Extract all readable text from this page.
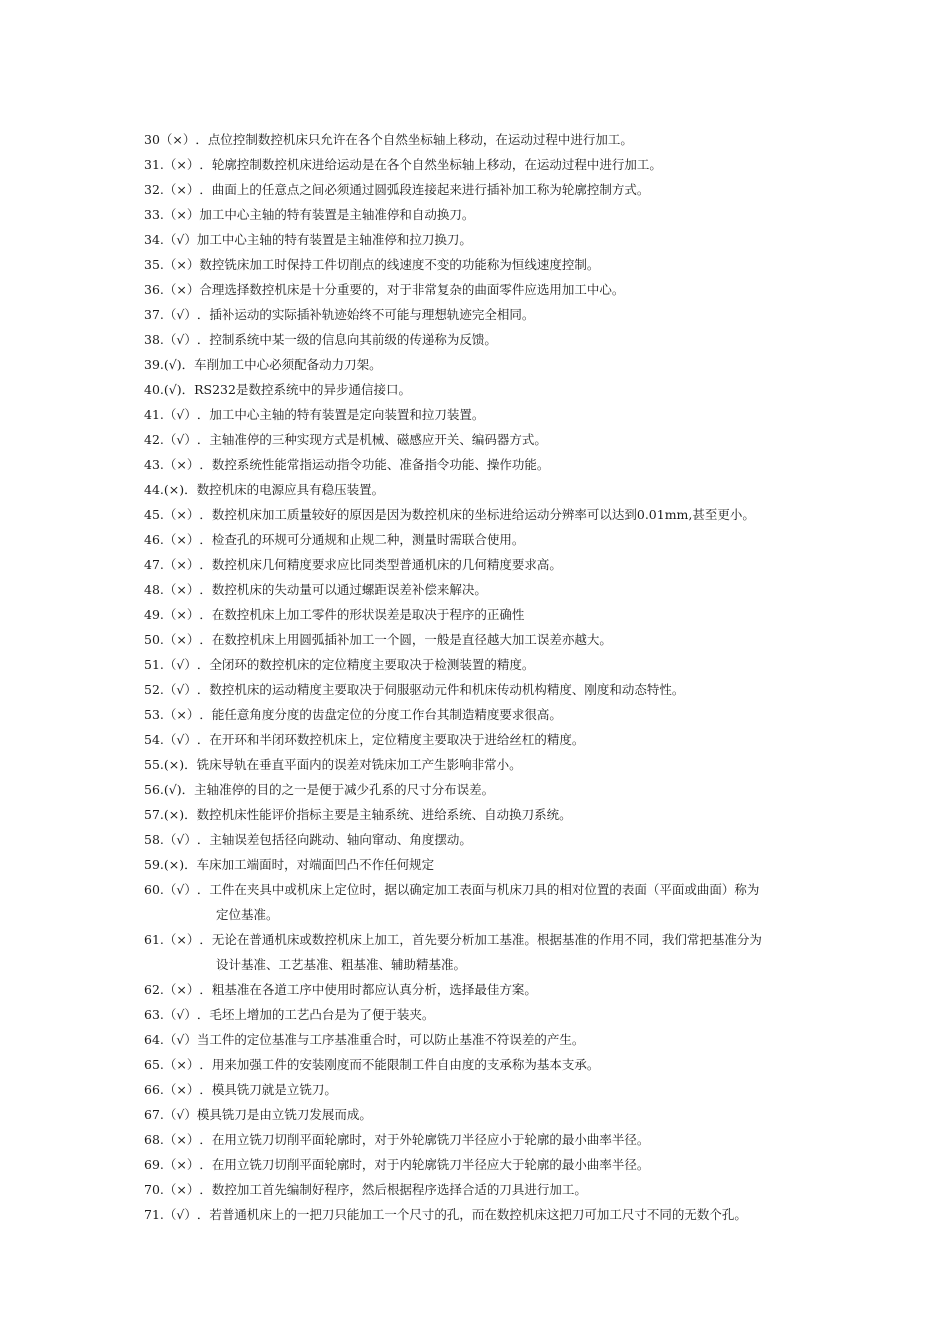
30 （×） ．点位控制数控机床只允许在各个自然坐标轴上移动，在运动过程中进行加工。
31. （×） ．轮廓控制数控机床进给运动是在各个自然坐标轴上移动，在运动过程中进行加工。
32. （×） ．曲面上的任意点之间必须通过圆弧段连接起来进行插补加工称为轮廓控制方式。
33. （×） 加工中心主轴的特有装置是主轴准停和自动换刀。
34. （√） 加工中心主轴的特有装置是主轴准停和拉刀换刀。
35. （×） 数控铣床加工时保持工件切削点的线速度不变的功能称为恒线速度控制。
36. （×） 合理选择数控机床是十分重要的，对于非常复杂的曲面零件应选用加工中心。
37. （√） ．插补运动的实际插补轨迹始终不可能与理想轨迹完全相同。
38. （√） ．控制系统中某一级的信息向其前级的传递称为反馈。
39. (√) ．车削加工中心必须配备动力刀架。
40. (√) ．RS232是数控系统中的异步通信接口。
41. （√） ．加工中心主轴的特有装置是定向装置和拉刀装置。
42. （√） ．主轴准停的三种实现方式是机械、磁感应开关、编码器方式。
43. （×） ．数控系统性能常指运动指令功能、准备指令功能、操作功能。
44. (×) ．数控机床的电源应具有稳压装置。
45. （×） ．数控机床加工质量较好的原因是因为数控机床的坐标进给运动分辨率可以达到0.01mm,甚至更小。
46. （×） ．检查孔的环规可分通规和止规二种，测量时需联合使用。
47. （×） ．数控机床几何精度要求应比同类型普通机床的几何精度要求高。
48. （×） ．数控机床的失动量可以通过螺距误差补偿来解决。
49. （×） ．在数控机床上加工零件的形状误差是取决于程序的正确性
50. （×） ．在数控机床上用圆弧插补加工一个圆，一般是直径越大加工误差亦越大。
51. （√） ．全闭环的数控机床的定位精度主要取决于检测装置的精度。
52. （√） ．数控机床的运动精度主要取决于伺服驱动元件和机床传动机构精度、刚度和动态特性。
53. （×） ．能任意角度分度的齿盘定位的分度工作台其制造精度要求很高。
54. （√） ．在开环和半闭环数控机床上，定位精度主要取决于进给丝杠的精度。
55. (×) ．铣床导轨在垂直平面内的误差对铣床加工产生影响非常小。
56. (√) ．主轴准停的目的之一是便于减少孔系的尺寸分布误差。
57. (×) ．数控机床性能评价指标主要是主轴系统、进给系统、自动换刀系统。
58. （√） ．主轴误差包括径向跳动、轴向窜动、角度摆动。
59. (×) ．车床加工端面时，对端面凹凸不作任何规定
60. （√） ．工件在夹具中或机床上定位时，据以确定加工表面与机床刀具的相对位置的表面（平面或曲面）称为
定位基准。
61. （×） ．无论在普通机床或数控机床上加工，首先要分析加工基准。根据基准的作用不同，我们常把基准分为
设计基准、工艺基准、粗基准、辅助精基准。
62. （×） ．粗基准在各道工序中使用时都应认真分析，选择最佳方案。
63. （√） ．毛坯上增加的工艺凸台是为了便于装夹。
64. （√） 当工件的定位基准与工序基准重合时，可以防止基准不符误差的产生。
65. （×） ．用来加强工件的安装刚度而不能限制工件自由度的支承称为基本支承。
66. （×） ．模具铣刀就是立铣刀。
67. （√） 模具铣刀是由立铣刀发展而成。
68. （×） ．在用立铣刀切削平面轮廓时，对于外轮廓铣刀半径应小于轮廓的最小曲率半径。
69. （×） ．在用立铣刀切削平面轮廓时，对于内轮廓铣刀半径应大于轮廓的最小曲率半径。
70. （×） ．数控加工首先编制好程序，然后根据程序选择合适的刀具进行加工。
71. （√） ．若普通机床上的一把刀只能加工一个尺寸的孔，而在数控机床这把刀可加工尺寸不同的无数个孔。
